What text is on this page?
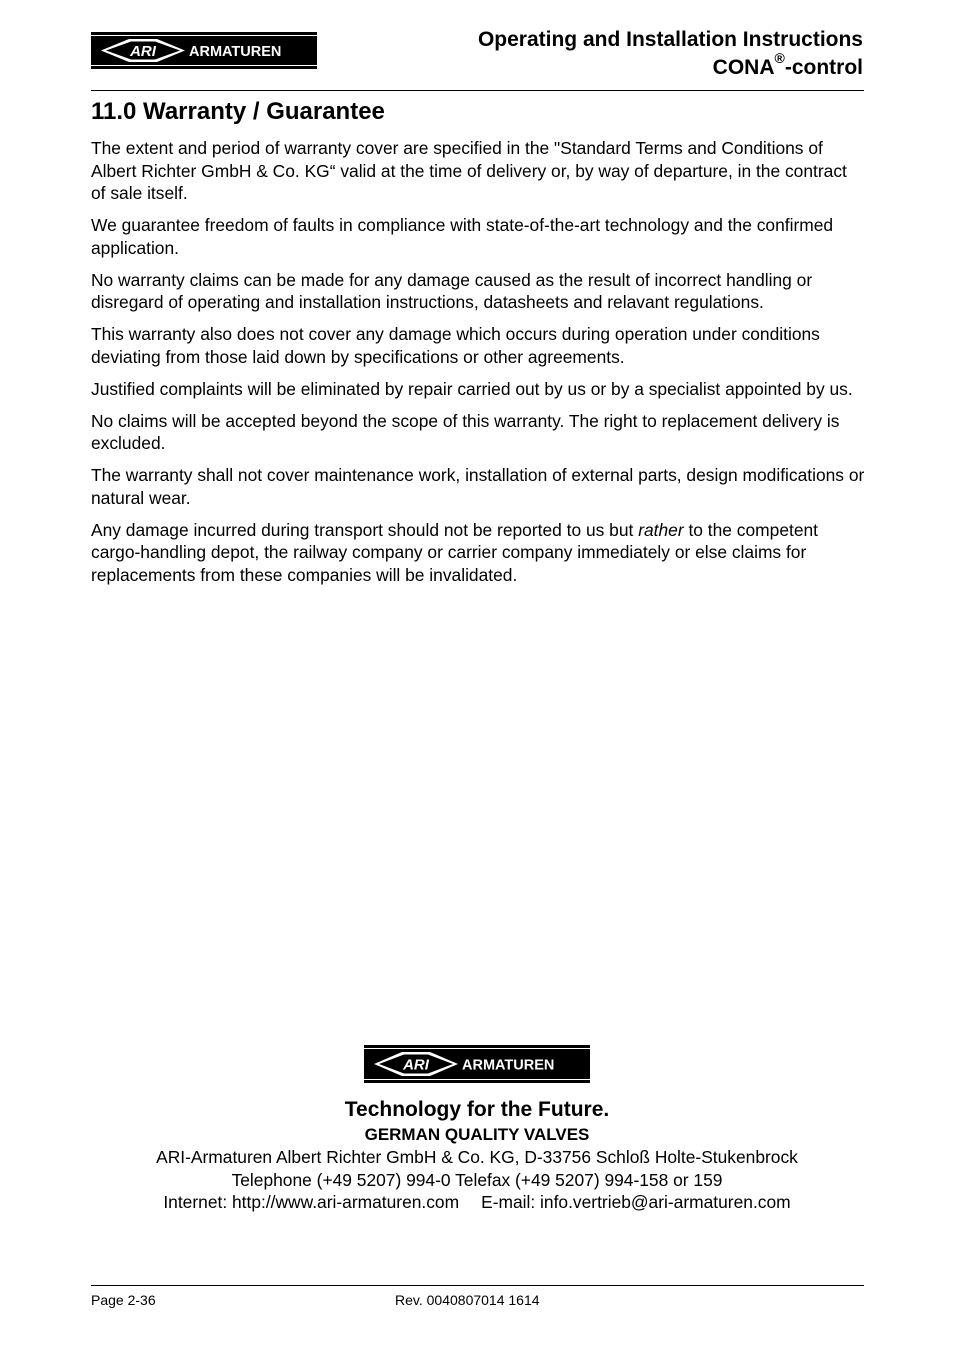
ARI ARMATUREN
Operating and Installation Instructions
CONA®-control
11.0 Warranty / Guarantee

The extent and period of warranty cover are specified in the "Standard Terms and Conditions of Albert Richter GmbH & Co. KG“ valid at the time of delivery or, by way of departure, in the contract of sale itself.

We guarantee freedom of faults in compliance with state-of-the-art technology and the confirmed application.

No warranty claims can be made for any damage caused as the result of incorrect handling or disregard of operating and installation instructions, datasheets and relavant regulations.

This warranty also does not cover any damage which occurs during operation under conditions deviating from those laid down by specifications or other agreements.

Justified complaints will be eliminated by repair carried out by us or by a specialist appointed by us.

No claims will be accepted beyond the scope of this warranty. The right to replacement delivery is excluded.

The warranty shall not cover maintenance work, installation of external parts, design modifications or natural wear.

Any damage incurred during transport should not be reported to us but rather to the competent cargo-handling depot, the railway company or carrier company immediately or else claims for replacements from these companies will be invalidated.

ARI ARMATUREN
Technology for the Future.
GERMAN QUALITY VALVES
ARI-Armaturen Albert Richter GmbH & Co. KG, D-33756 Schloß Holte-Stukenbrock
Telephone (+49 5207) 994-0 Telefax (+49 5207) 994-158 or 159
Internet: http://www.ari-armaturen.com E-mail: info.vertrieb@ari-armaturen.com
Page 2-36	Rev. 0040807014 1614
